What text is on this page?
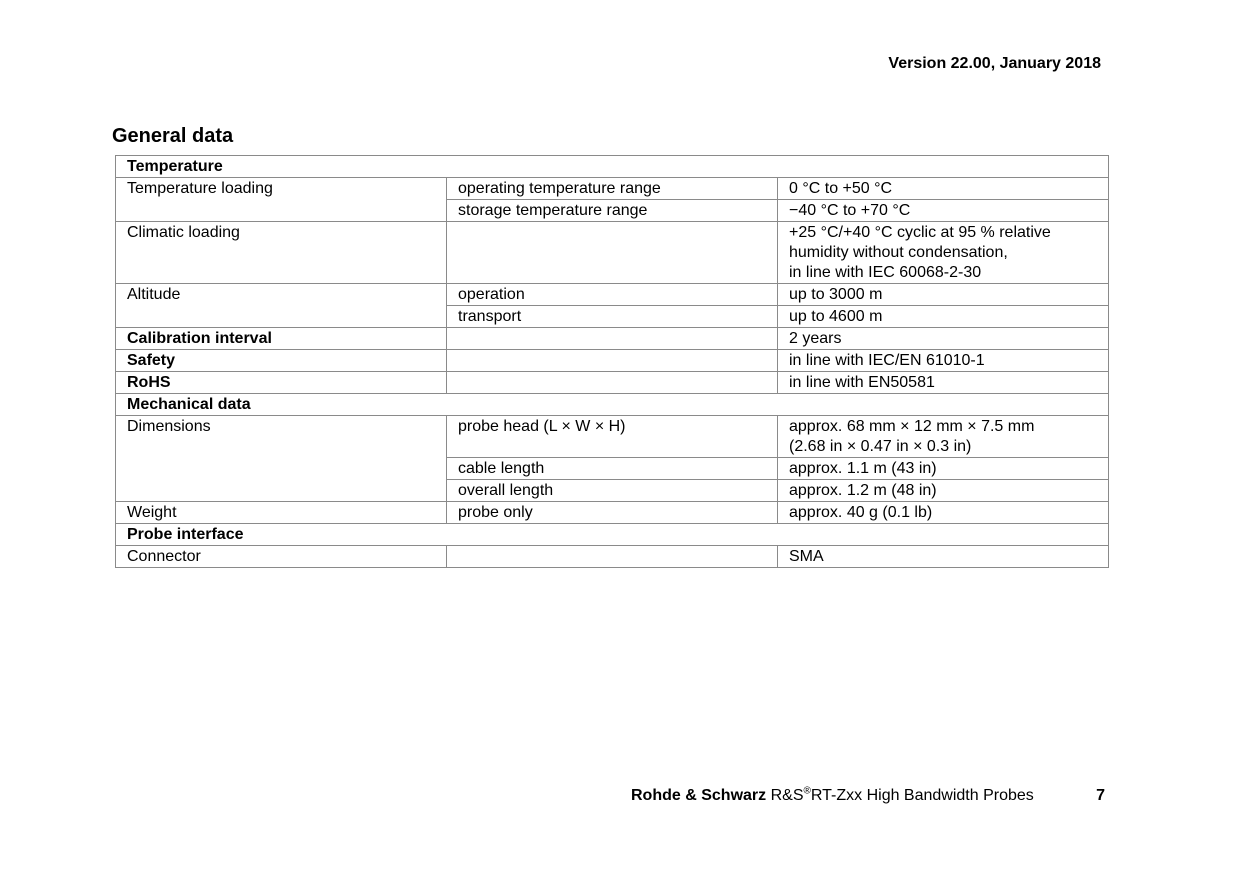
Version 22.00, January 2018
General data
Temperature		
Temperature loading	operating temperature range	0 °C to +50 °C
	storage temperature range	−40 °C to +70 °C
Climatic loading		+25 °C/+40 °C cyclic at 95 % relative
humidity without condensation,
in line with IEC 60068-2-30

Altitude	operation	up to 3000 m
	transport	up to 4600 m
Calibration interval		2 years
Safety		in line with IEC/EN 61010-1
RoHS		in line with EN50581
Mechanical data		
Dimensions	probe head (L × W × H)	approx. 68 mm × 12 mm × 7.5 mm
(2.68 in × 0.47 in × 0.3 in)

	cable length	approx. 1.1 m (43 in)
	overall length	approx. 1.2 m (48 in)
Weight	probe only	approx. 40 g (0.1 lb)
Probe interface		
Connector		SMA
Rohde & Schwarz R&S®RT-Zxx High Bandwidth Probes	7
